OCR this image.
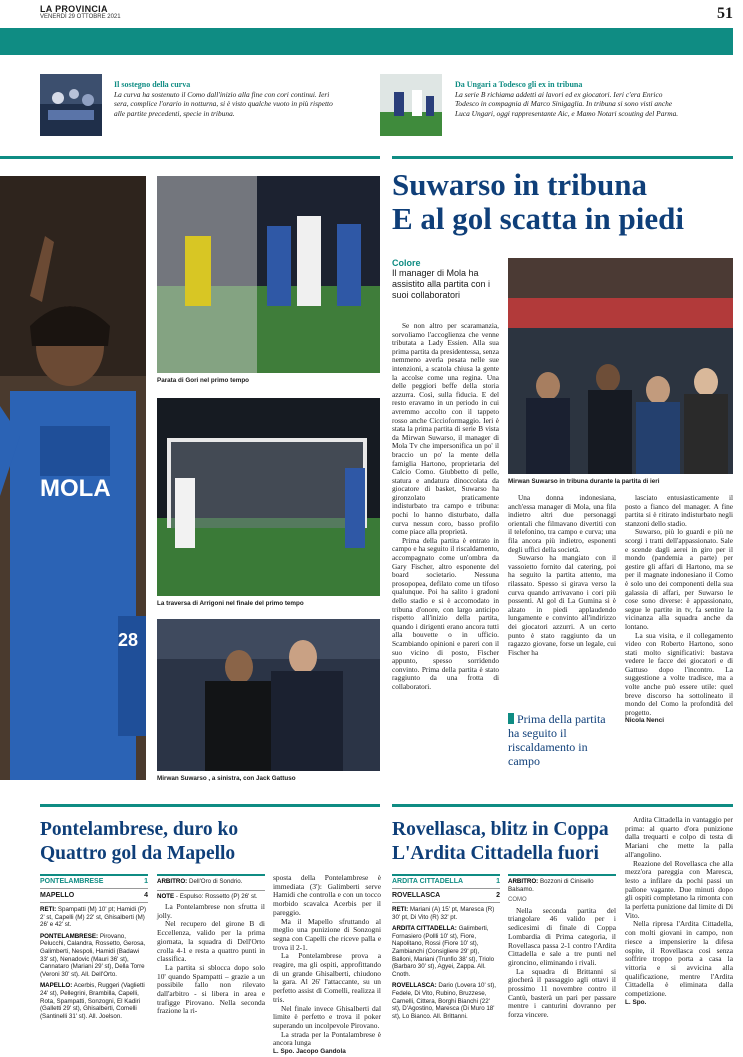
LA PROVINCIA
VENERDÌ 29 OTTOBRE 2021	51
Il sostegno della curva
La curva ha sostenuto il Como dall'inizio alla fine con cori continui. Ieri sera, complice l'orario in notturna, si è visto qualche vuoto in più rispetto alle partite precedenti, specie in tribuna.
Da Ungari a Todesco gli ex in tribuna
La serie B richiama addetti ai lavori ed ex giocatori. Ieri c'era Enrico Todesco in compagnia di Marco Sinigaglia. In tribuna si sono visti anche Luca Ungari, oggi rappresentante Aic, e Mamo Notari scouting del Parma.
MOLA
28
Parata di Gori nel primo tempo
La traversa di Arrigoni nel finale del primo tempo
Mirwan Suwarso , a sinistra, con Jack Gattuso
Suwarso in tribuna
E al gol scatta in piedi
Colore
Il manager di Mola ha assistito alla partita con i suoi collaboratori
Mirwan Suwarso in tribuna durante la partita di ieri

Se non altro per scaramanzia, sorvoliamo l'accoglienza che venne tributata a Lady Essien. Alla sua prima partita da presidentessa, senza nemmeno averla pesata nelle sue intenzioni, a scatola chiusa la gente la accolse come una regina. Una delle peggiori beffe della storia azzurra. Così, sulla fiducia. E del resto eravamo in un periodo in cui avremmo accolto con il tappeto rosso anche Ciccioformaggio. Ieri è stata la prima partita di serie B vista da Mirwan Suwarso, il manager di Mola Tv che impersonifica un po' il braccio un po' la mente della famiglia Hartono, proprietaria del Calcio Como. Giubbetto di pelle, statura e andatura dinoccolata da giocatore di basket, Suwarso ha gironzolato praticamente indisturbato tra campo e tribuna: pochi lo hanno disturbato, dalla curva nessun coro, basso profilo come piace alla proprietà.

Prima della partita è entrato in campo e ha seguito il riscaldamento, accompagnato come un'ombra da Gary Fischer, altro esponente del board societario. Nessuna prosopopea, defilato come un tifoso qualunque. Poi ha salito i gradoni dello stadio e si è accomodato in tribuna d'onore, con largo anticipo rispetto all'inizio della partita, quando i dirigenti erano ancora tutti alla bouvette o in ufficio. Scambiando opinioni e pareri con il suo vicino di posto, Fischer appunto, spesso sorridendo convinto. Prima della partita è stato raggiunto da una frotta di collaboratori.

Una donna indonesiana, anch'essa manager di Mola, una fila indietro altri due personaggi orientali che filmavano divertiti con il telefonino, tra campo e curva; una fila ancora più indietro, esponenti degli uffici della società.

Suwarso ha mangiato con il vassoietto fornito dal catering, poi ha seguito la partita attento, ma rilassato. Spesso si girava verso la curva quando arrivavano i cori più possenti. Al gol di La Gumina si è alzato in piedi applaudendo lungamente e convinto all'indirizzo dei giocatori azzurri. A un certo punto è stato raggiunto da un ragazzo giovane, forse un legale, cui Fischer ha

Prima della partita ha seguito il riscaldamento in campo

lasciato entusiasticamente il posto a fianco del manager. A fine partita si è ritirato indisturbato negli stanzoni dello stadio.

Suwarso, più lo guardi e più ne scorgi i tratti dell'appassionato. Sale e scende dagli aerei in giro per il mondo (pandemia a parte) per gestire gli affari di Hartono, ma se per il magnate indonesiano il Como è solo uno dei componenti della sua galassia di affari, per Suwarso le cose sono diverse: è appassionato, segue le partite in tv, fa sentire la vicinanza alla squadra anche da lontano.

La sua visita, e il collegamento video con Roberto Hartono, sono stati molto significativi: bastava vedere le facce dei giocatori e di Gattuso dopo l'incontro. La suggestione a volte tradisce, ma a volte anche può essere utile: quel breve discorso ha sottolineato il mondo del Como la profondità del progetto.

Nicola Nenci
Pontelambrese, duro ko
Quattro gol da Mapello
PONTELAMBRESE	1
MAPELLO	4
RETI: Spampatti (M) 10' pt; Hamidi (P) 2' st, Capelli (M) 22' st, Ghisalberti (M) 26' e 42' st.
PONTELAMBRESE: Pirovano, Pelucchi, Calandra, Rossetto, Gerosa, Galimberti, Nespoli, Hamidi (Badawi 33' st), Nenadovic (Mauri 36' st), Cannataro (Mariani 29' st), Della Torre (Veroni 30' st). All. Dell'Orto.
MAPELLO: Acerbis, Ruggeri (Vaglietti 24' st), Pellegrini, Brambilla, Capelli, Rota, Spampatti, Sonzogni, El Kadiri (Galletti 29' st), Ghisalberti, Comelli (Santinelli 31' st). All. Joelson.
ARBITRO: Dell'Oro di Sondrio.
NOTE - Espulso: Rossetto (P) 26' st.

La Pontelambrese non sfrutta il jolly.

Nel recupero del girone B di Eccellenza, valido per la prima giornata, la squadra di Dell'Orto crolla 4-1 e resta a quattro punti in classifica.

La partita si sblocca dopo solo 10' quando Spampatti – grazie a un possibile fallo non rilevato dall'arbitro - si libera in area e trafigge Pirovano. Nella seconda frazione la ri-

sposta della Pontelambrese è immediata (3'): Galimberti serve Hamidi che controlla e con un tocco morbido scavalca Acerbis per il pareggio.

Ma il Mapello sfruttando al meglio una punizione di Sonzogni segna con Capelli che riceve palla e trova il 2-1.

La Pontelambrese prova a reagire, ma gli ospiti, approfittando di un grande Ghisalberti, chiudono la gara. Al 26' l'attaccante, su un perfetto assist di Comelli, realizza il tris.

Nel finale invece Ghisalberti dal limite è perfetto e trova il poker superando un incolpevole Pirovano.

La strada per la Pontalambrese è ancora lunga

L. Spo. Jacopo Gandola
Rovellasca, blitz in Coppa
L'Ardita Cittadella fuori
ARDITA CITTADELLA	1
ROVELLASCA	2
RETI: Mariani (A) 15' pt, Maresca (R) 30' pt, Di Vito (R) 32' pt.
ARDITA CITTADELLA: Galimberti, Fornasiero (Pollli 10' st), Fiore, Napolitano, Rossi (Fiore 10' st), Zambianchi (Consigliere 29' pt), Balloni, Mariani (Trunfio 38' st), Triolo (Barbaro 30' st), Agyei, Zappa. All. Cnoth.
ROVELLASCA: Dario (Lovera 10' st), Fedele, Di Vito, Rubino, Bruzzese, Carnelli, Cittera, Borghi Bianchi (22' st), D'Agostino, Maresca (Di Muro 18' st), Lo Bianco. All. Brittanni.
ARBITRO: Bozzoni di Cinisello Balsamo.
COMO

Nella seconda partita del triangolare 46 valido per i sedicesimi di finale di Coppa Lombardia di Prima categoria, il Rovellasca passa 2-1 contro l'Ardita Cittadella e sale a tre punti nel gironcino, eliminando i rivali.

La squadra di Brittanni si giocherà il passaggio agli ottavi il prossimo 11 novembre contro il Cantù, basterà un pari per passare mentre i canturini dovranno per forza vincere.

Ardita Cittadella in vantaggio per prima: al quarto d'ora punizione dalla trequarti e colpo di testa di Mariani che mette la palla all'angolino.

Reazione del Rovellasca che alla mezz'ora pareggia con Maresca, lesto a infilare da pochi passi un pallone vagante. Due minuti dopo gli ospiti completano la rimonta con la perfetta punizione dal limite di Di Vito.

Nella ripresa l'Ardita Cittadella, con molti giovani in campo, non riesce a impensierire la difesa ospite, il Rovellasca così senza soffrire troppo porta a casa la vittoria e si avvicina alla qualificazione, mentre l'Ardita Cittadella è eliminata dalla competizione.

L. Spo.
